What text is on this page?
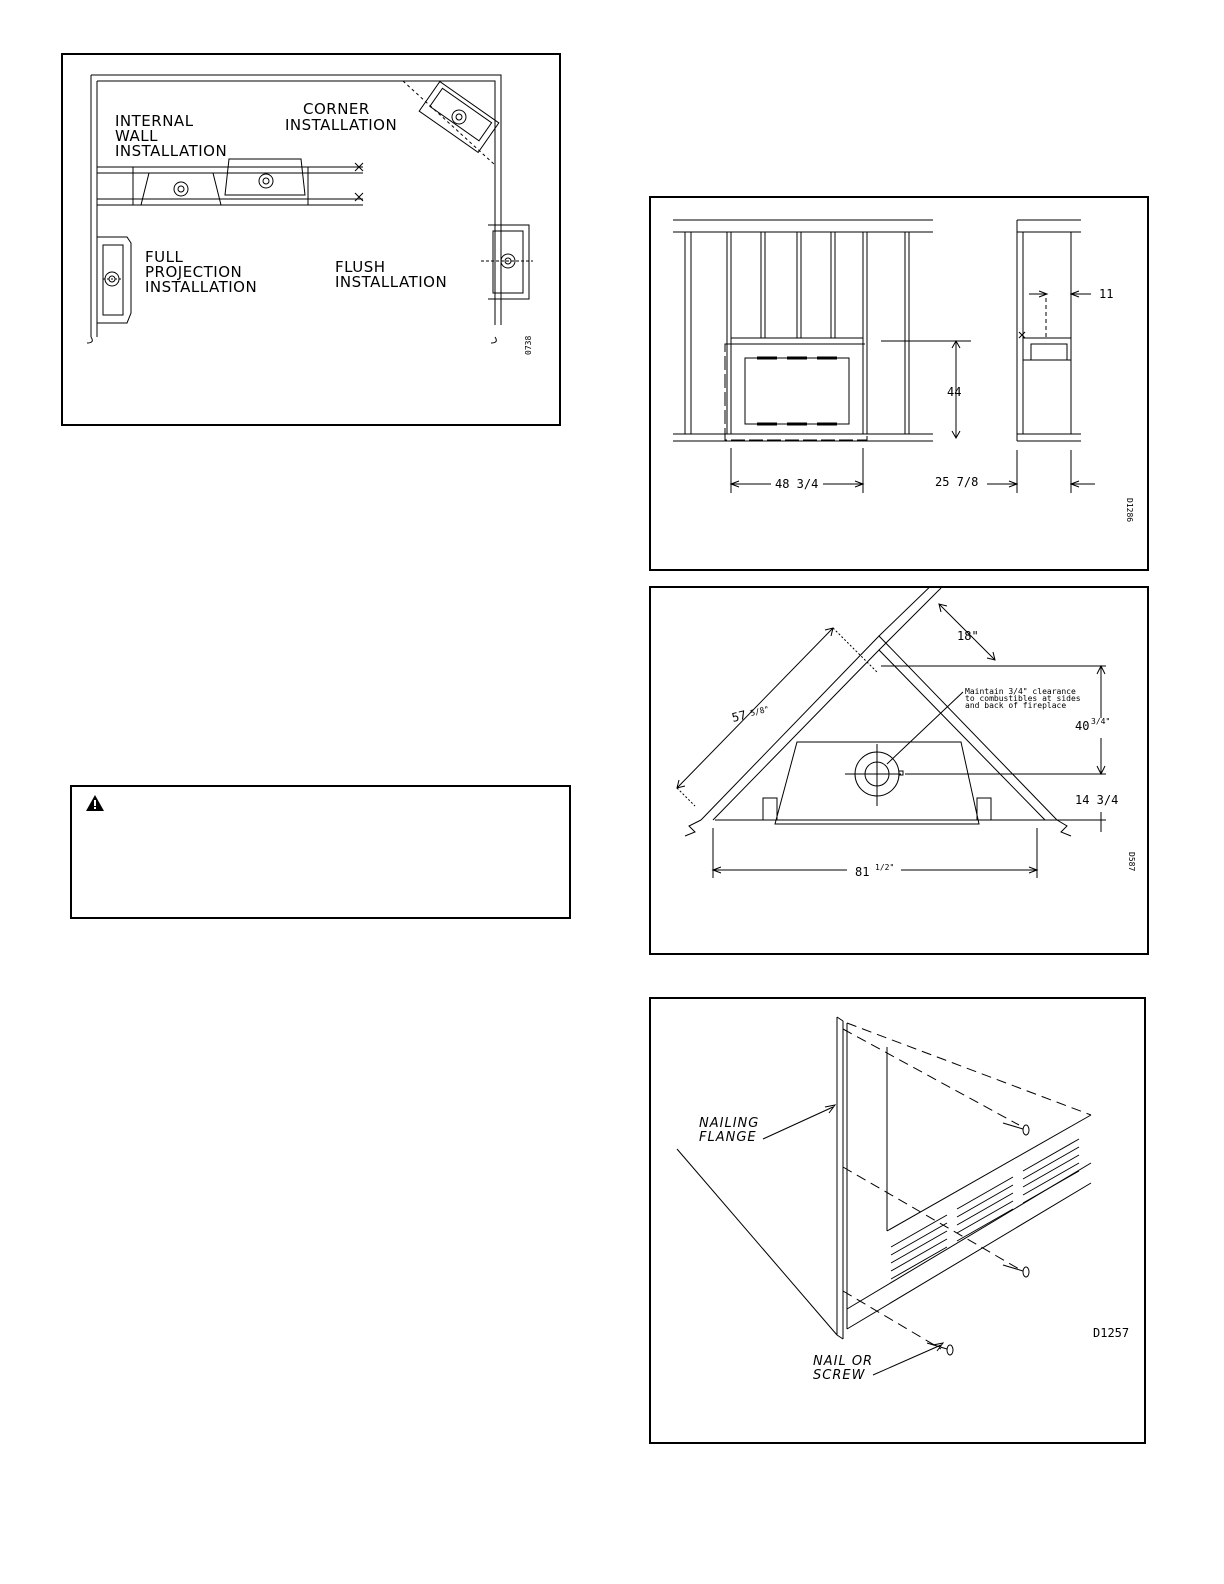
INTERNAL
WALL
INSTALLATION
CORNER
INSTALLATION
FULL
PROJECTION
INSTALLATION
FLUSH
INSTALLATION
0738
44
48 3/4	25 7/8
11
D1286
57 5/8"
18"
40 3/4"
14 3/4
81 1/2"
Maintain 3/4" clearance
to combustibles at sides
and back of fireplace
D587
NAILING
FLANGE
NAIL OR
SCREW
D1257
